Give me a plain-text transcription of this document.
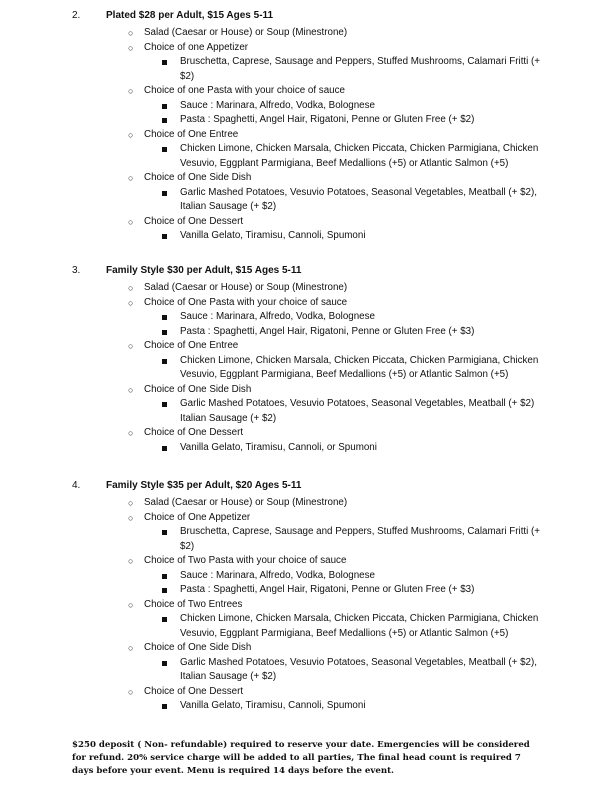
2.	Plated $28 per Adult, $15 Ages 5-11
○ Salad (Caesar or House) or Soup (Minestrone)
○ Choice of one Appetizer
Bruschetta, Caprese, Sausage and Peppers, Stuffed Mushrooms, Calamari Fritti (+ $2)
○ Choice of one Pasta with your choice of sauce
Sauce : Marinara, Alfredo, Vodka, Bolognese
Pasta : Spaghetti, Angel Hair, Rigatoni, Penne or Gluten Free (+ $2)
○ Choice of One Entree
Chicken Limone, Chicken Marsala, Chicken Piccata, Chicken Parmigiana, Chicken Vesuvio, Eggplant Parmigiana, Beef Medallions (+5) or Atlantic Salmon (+5)
○ Choice of One Side Dish
Garlic Mashed Potatoes, Vesuvio Potatoes, Seasonal Vegetables, Meatball (+ $2), Italian Sausage (+ $2)
○ Choice of One Dessert
Vanilla Gelato, Tiramisu, Cannoli, Spumoni
3.	Family Style $30 per Adult, $15 Ages 5-11
○ Salad (Caesar or House) or Soup (Minestrone)
○ Choice of One Pasta with your choice of sauce
Sauce : Marinara, Alfredo, Vodka, Bolognese
Pasta : Spaghetti, Angel Hair, Rigatoni, Penne or Gluten Free (+ $3)
○ Choice of One Entree
Chicken Limone, Chicken Marsala, Chicken Piccata, Chicken Parmigiana, Chicken Vesuvio, Eggplant Parmigiana, Beef Medallions (+5) or Atlantic Salmon (+5)
○ Choice of One Side Dish
Garlic Mashed Potatoes, Vesuvio Potatoes, Seasonal Vegetables, Meatball (+ $2) Italian Sausage (+ $2)
○ Choice of One Dessert
Vanilla Gelato, Tiramisu, Cannoli, or Spumoni
4.	Family Style $35 per Adult, $20 Ages 5-11
○ Salad (Caesar or House) or Soup (Minestrone)
○ Choice of One Appetizer
Bruschetta, Caprese, Sausage and Peppers, Stuffed Mushrooms, Calamari Fritti (+ $2)
○ Choice of Two Pasta with your choice of sauce
Sauce : Marinara, Alfredo, Vodka, Bolognese
Pasta : Spaghetti, Angel Hair, Rigatoni, Penne or Gluten Free (+ $3)
○ Choice of Two Entrees
Chicken Limone, Chicken Marsala, Chicken Piccata, Chicken Parmigiana, Chicken Vesuvio, Eggplant Parmigiana, Beef Medallions (+5) or Atlantic Salmon (+5)
○ Choice of One Side Dish
Garlic Mashed Potatoes, Vesuvio Potatoes, Seasonal Vegetables, Meatball (+ $2), Italian Sausage (+ $2)
○ Choice of One Dessert
Vanilla Gelato, Tiramisu, Cannoli, Spumoni
$250 deposit ( Non- refundable) required to reserve your date. Emergencies will be considered for refund. 20% service charge will be added to all parties, The final head count is required 7 days before your event. Menu is required 14 days before the event.
